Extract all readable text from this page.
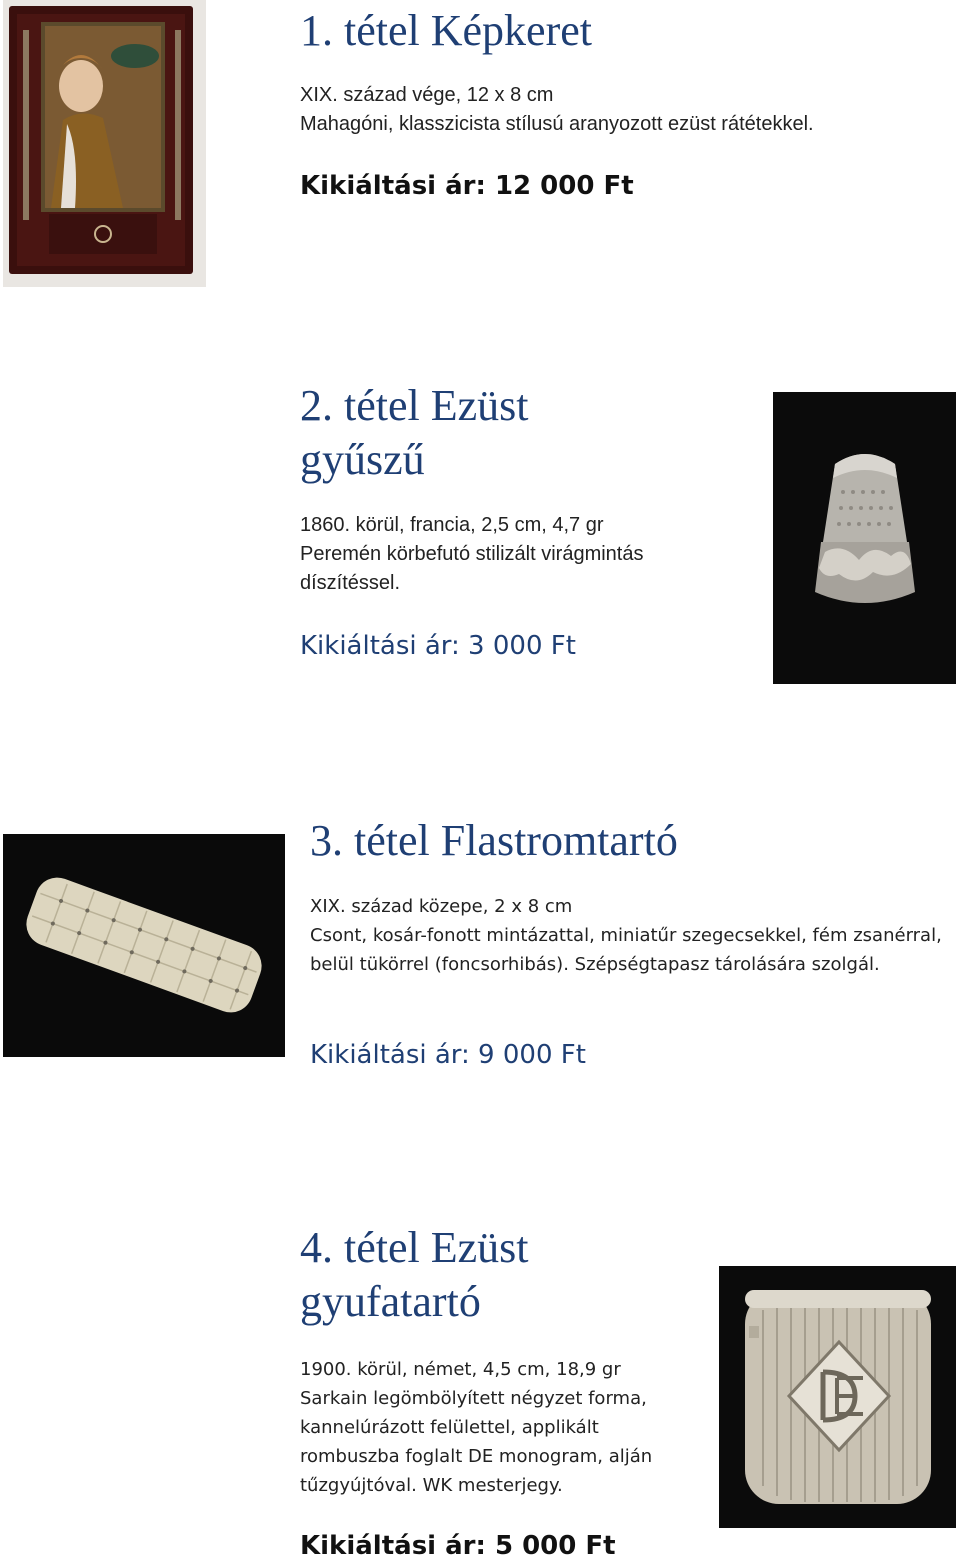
1. tétel Képkeret
XIX. század vége, 12 x 8 cm
Mahagóni, klasszicista stílusú aranyozott ezüst rátétekkel.
Kikiáltási ár: 12 000 Ft
2. tétel Ezüst gyűszű
1860. körül, francia, 2,5 cm, 4,7 gr
Peremén körbefutó stilizált virágmintás díszítéssel.
Kikiáltási ár: 3 000 Ft
3. tétel Flastromtartó
XIX. század közepe, 2 x 8 cm
Csont, kosár-fonott mintázattal, miniatűr szegecsekkel, fém zsanérral, belül tükörrel (foncsorhibás). Szépségtapasz tárolására szolgál.
Kikiáltási ár: 9 000 Ft
4. tétel Ezüst gyufatartó
1900. körül, német, 4,5 cm, 18,9 gr
Sarkain legömbölyített négyzet forma, kannelúrázott felülettel, applikált rombuszba foglalt DE monogram, alján tűzgyújtóval. WK mesterjegy.
Kikiáltási ár: 5 000 Ft
